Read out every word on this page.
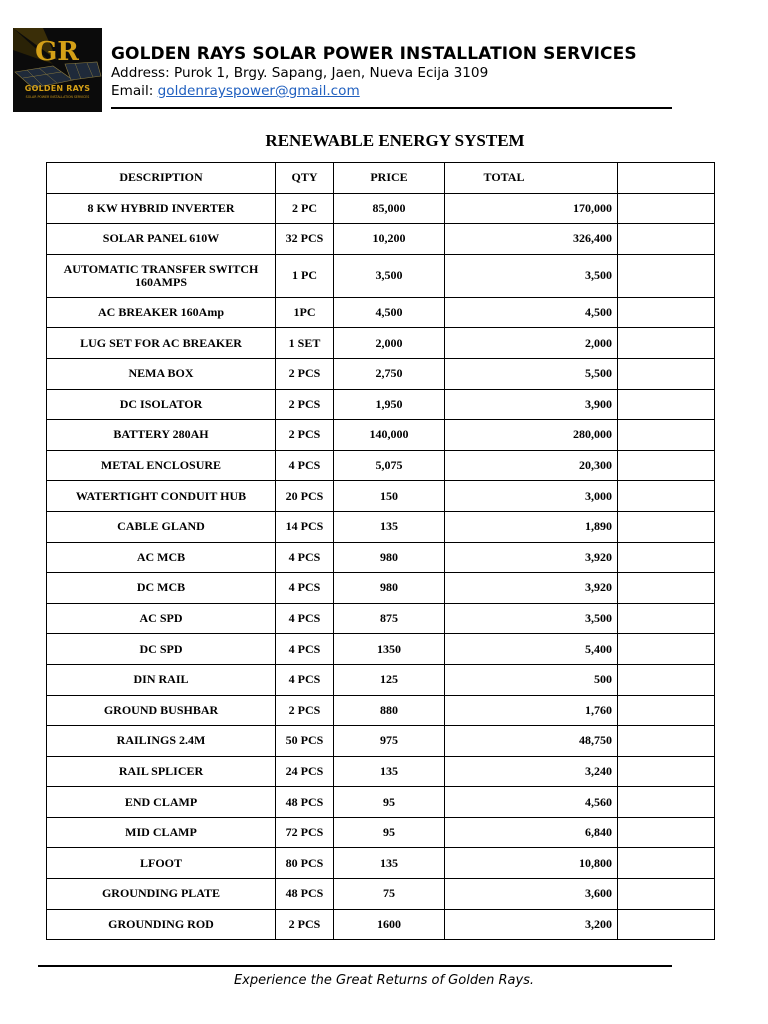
GR
GOLDEN RAYS
SOLAR POWER INSTALLATION SERVICES
GOLDEN RAYS SOLAR POWER INSTALLATION SERVICES
Address: Purok 1, Brgy. Sapang, Jaen, Nueva Ecija 3109
Email: goldenrayspower@gmail.com
RENEWABLE ENERGY SYSTEM
DESCRIPTION	QTY	PRICE	TOTAL	
8 KW HYBRID INVERTER	2 PC	85,000	170,000	
SOLAR PANEL 610W	32 PCS	10,200	326,400	
AUTOMATIC TRANSFER SWITCH 160AMPS	1 PC	3,500	3,500	
AC BREAKER 160Amp	1PC	4,500	4,500	
LUG SET FOR AC BREAKER	1 SET	2,000	2,000	
NEMA BOX	2 PCS	2,750	5,500	
DC ISOLATOR	2 PCS	1,950	3,900	
BATTERY 280AH	2 PCS	140,000	280,000	
METAL ENCLOSURE	4 PCS	5,075	20,300	
WATERTIGHT CONDUIT HUB	20 PCS	150	3,000	
CABLE GLAND	14 PCS	135	1,890	
AC MCB	4 PCS	980	3,920	
DC MCB	4 PCS	980	3,920	
AC SPD	4 PCS	875	3,500	
DC SPD	4 PCS	1350	5,400	
DIN RAIL	4 PCS	125	500	
GROUND BUSHBAR	2 PCS	880	1,760	
RAILINGS 2.4M	50 PCS	975	48,750	
RAIL SPLICER	24 PCS	135	3,240	
END CLAMP	48 PCS	95	4,560	
MID CLAMP	72 PCS	95	6,840	
LFOOT	80 PCS	135	10,800	
GROUNDING PLATE	48 PCS	75	3,600	
GROUNDING ROD	2 PCS	1600	3,200	
Experience the Great Returns of Golden Rays.
